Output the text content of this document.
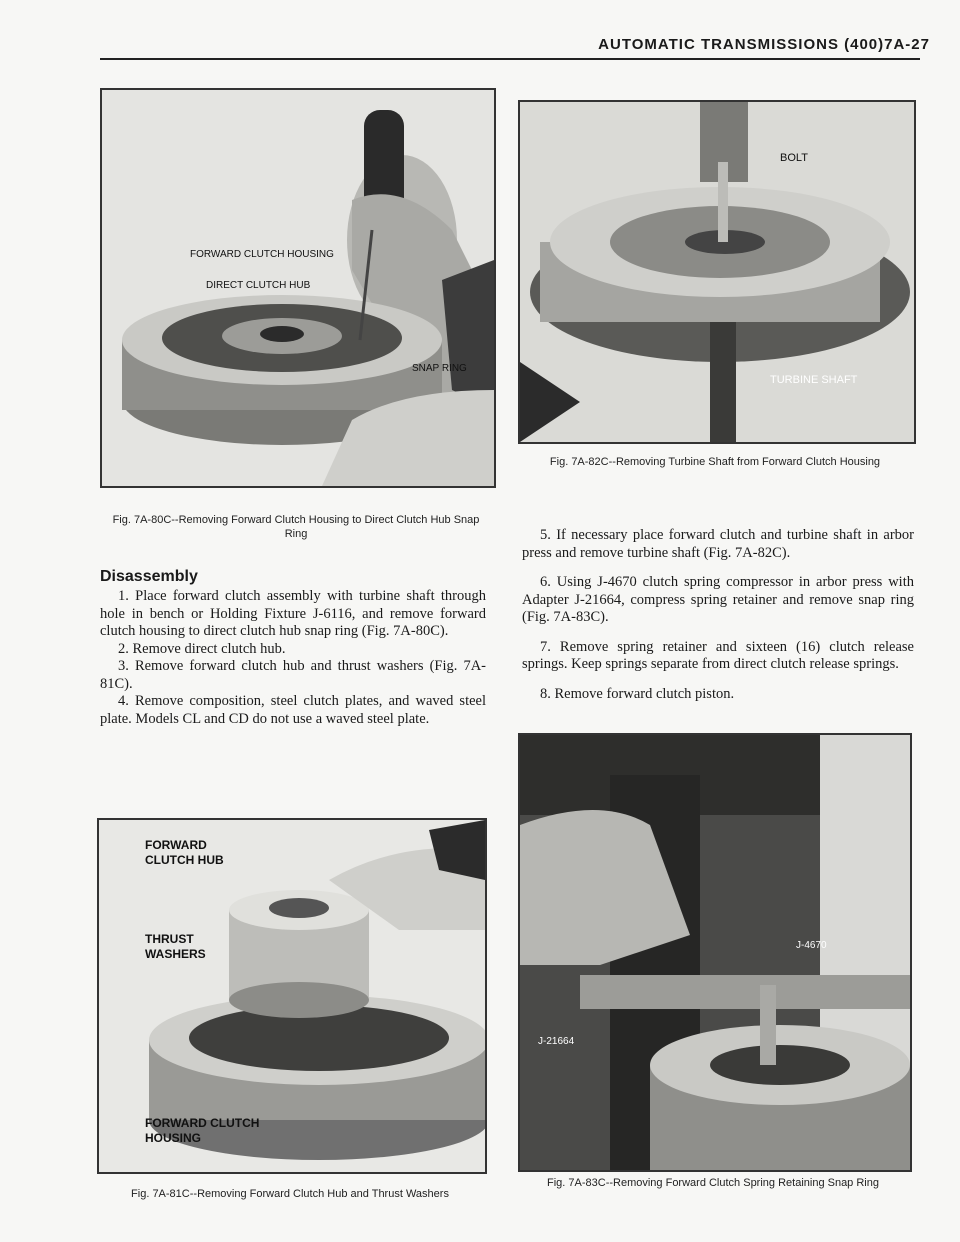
AUTOMATIC TRANSMISSIONS (400)7A-27
FORWARD CLUTCH HOUSING
DIRECT CLUTCH HUB
SNAP RING
Fig. 7A-80C--Removing Forward Clutch Housing to Direct Clutch Hub Snap Ring
Disassembly

1. Place forward clutch assembly with turbine shaft through hole in bench or Holding Fixture J-6116, and remove forward clutch housing to direct clutch hub snap ring (Fig. 7A-80C).

2. Remove direct clutch hub.

3. Remove forward clutch hub and thrust washers (Fig. 7A-81C).

4. Remove composition, steel clutch plates, and waved steel plate. Models CL and CD do not use a waved steel plate.

FORWARD
CLUTCH HUB
THRUST
WASHERS
FORWARD CLUTCH
HOUSING
Fig. 7A-81C--Removing Forward Clutch Hub and Thrust Washers
BOLT
TURBINE SHAFT
Fig. 7A-82C--Removing Turbine Shaft from Forward Clutch Housing

5. If necessary place forward clutch and turbine shaft in arbor press and remove turbine shaft (Fig. 7A-82C).

6. Using J-4670 clutch spring compressor in arbor press with Adapter J-21664, compress spring retainer and remove snap ring (Fig. 7A-83C).

7. Remove spring retainer and sixteen (16) clutch release springs. Keep springs separate from direct clutch release springs.

8. Remove forward clutch piston.

J-4670
J-21664
Fig. 7A-83C--Removing Forward Clutch Spring Retaining Snap Ring
